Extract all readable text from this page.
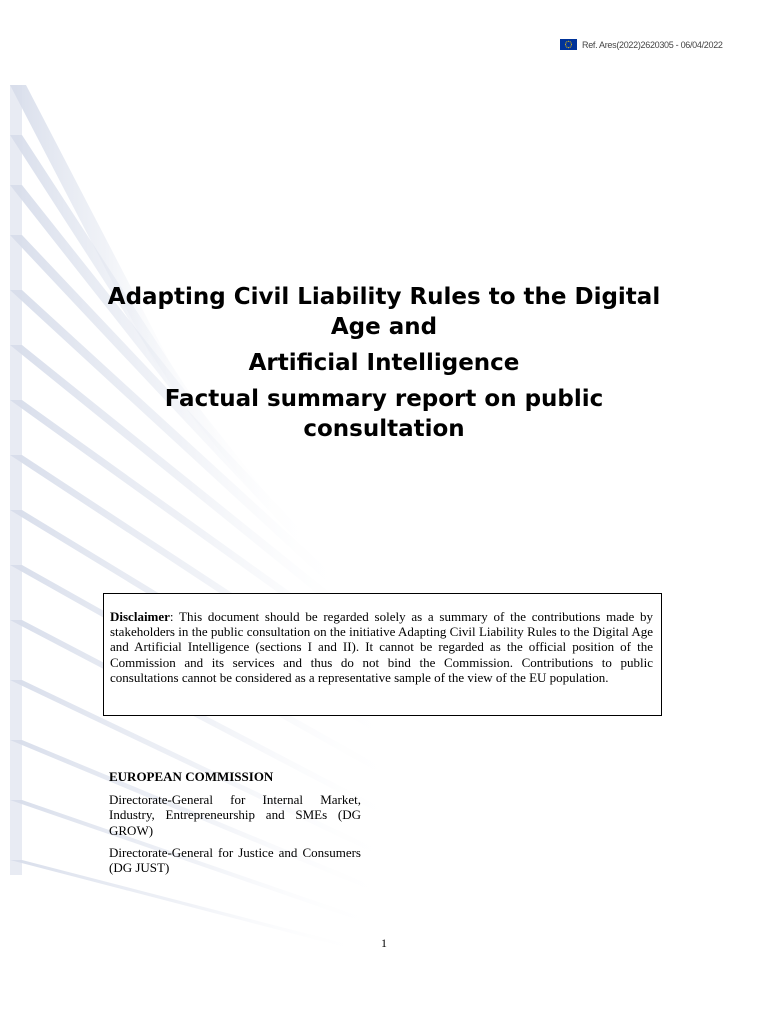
Ref. Ares(2022)2620305 - 06/04/2022

Adapting Civil Liability Rules to the Digital Age and

Artificial Intelligence

Factual summary report on public consultation

Disclaimer: This document should be regarded solely as a summary of the contributions made by stakeholders in the public consultation on the initiative Adapting Civil Liability Rules to the Digital Age and Artificial Intelligence (sections I and II). It cannot be regarded as the official position of the Commission and its services and thus do not bind the Commission. Contributions to public consultations cannot be considered as a representative sample of the view of the EU population.
EUROPEAN COMMISSION

Directorate-General for Internal Market, Industry, Entrepreneurship and SMEs (DG GROW)

Directorate-General for Justice and Consumers (DG JUST)

1
